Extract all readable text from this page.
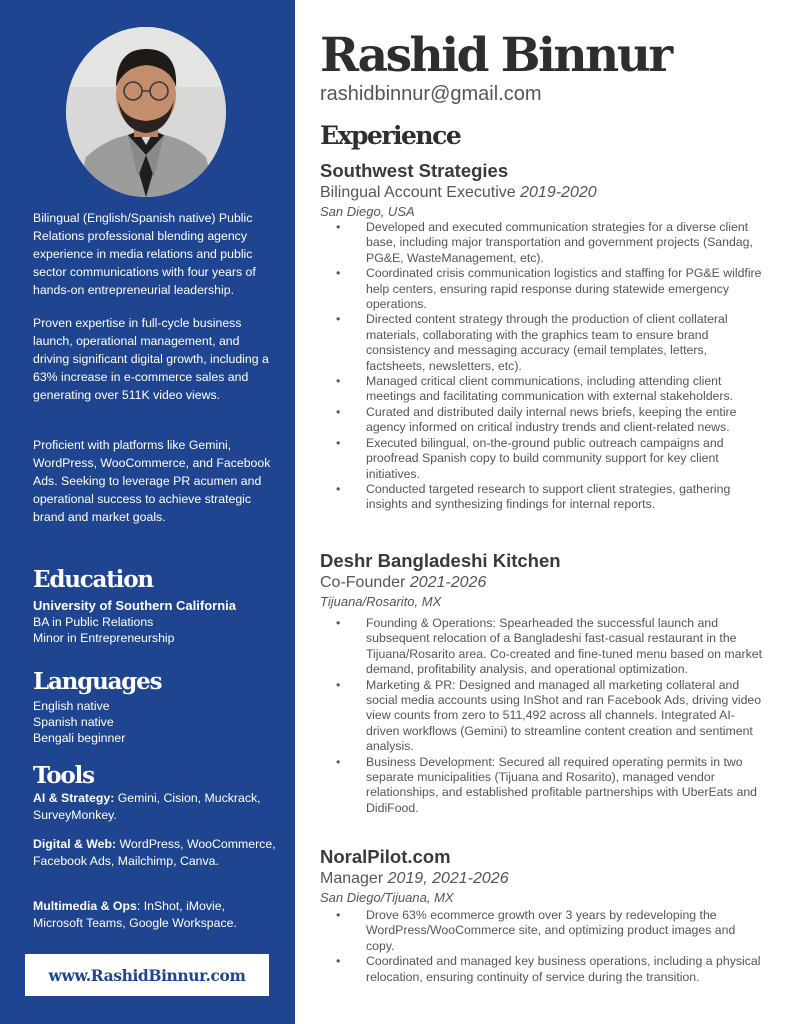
Bilingual (English/Spanish native) Public Relations professional blending agency experience in media relations and public sector communications with four years of hands-on entrepreneurial leadership.
Proven expertise in full-cycle business launch, operational management, and driving significant digital growth, including a 63% increase in e-commerce sales and generating over 511K video views.
Proficient with platforms like Gemini, WordPress, WooCommerce, and Facebook Ads. Seeking to leverage PR acumen and operational success to achieve strategic brand and market goals.
Education
University of Southern California
BA in Public Relations
Minor in Entrepreneurship
Languages
English native
Spanish native
Bengali beginner
Tools
AI & Strategy: Gemini, Cision, Muckrack, SurveyMonkey.
Digital & Web: WordPress, WooCommerce, Facebook Ads, Mailchimp, Canva.
Multimedia & Ops: InShot, iMovie, Microsoft Teams, Google Workspace.
www.RashidBinnur.com
Rashid Binnur
rashidbinnur@gmail.com
Experience
Southwest Strategies
Bilingual Account Executive 2019-2020
San Diego, USA
• Developed and executed communication strategies for a diverse client base, including major transportation and government projects (Sandag, PG&E, WasteManagement, etc).
• Coordinated crisis communication logistics and staffing for PG&E wildfire help centers, ensuring rapid response during statewide emergency operations.
• Directed content strategy through the production of client collateral materials, collaborating with the graphics team to ensure brand consistency and messaging accuracy (email templates, letters, factsheets, newsletters, etc).
• Managed critical client communications, including attending client meetings and facilitating communication with external stakeholders.
• Curated and distributed daily internal news briefs, keeping the entire agency informed on critical industry trends and client-related news.
• Executed bilingual, on-the-ground public outreach campaigns and proofread Spanish copy to build community support for key client initiatives.
• Conducted targeted research to support client strategies, gathering insights and synthesizing findings for internal reports.
Deshr Bangladeshi Kitchen
Co-Founder 2021-2026
Tijuana/Rosarito, MX
• Founding & Operations: Spearheaded the successful launch and subsequent relocation of a Bangladeshi fast-casual restaurant in the Tijuana/Rosarito area. Co-created and fine-tuned menu based on market demand, profitability analysis, and operational optimization.
• Marketing & PR: Designed and managed all marketing collateral and social media accounts using InShot and ran Facebook Ads, driving video view counts from zero to 511,492 across all channels. Integrated AI-driven workflows (Gemini) to streamline content creation and sentiment analysis.
• Business Development: Secured all required operating permits in two separate municipalities (Tijuana and Rosarito), managed vendor relationships, and established profitable partnerships with UberEats and DidiFood.
NoralPilot.com
Manager 2019, 2021-2026
San Diego/Tijuana, MX
• Drove 63% ecommerce growth over 3 years by redeveloping the WordPress/WooCommerce site, and optimizing product images and copy.
• Coordinated and managed key business operations, including a physical relocation, ensuring continuity of service during the transition.
